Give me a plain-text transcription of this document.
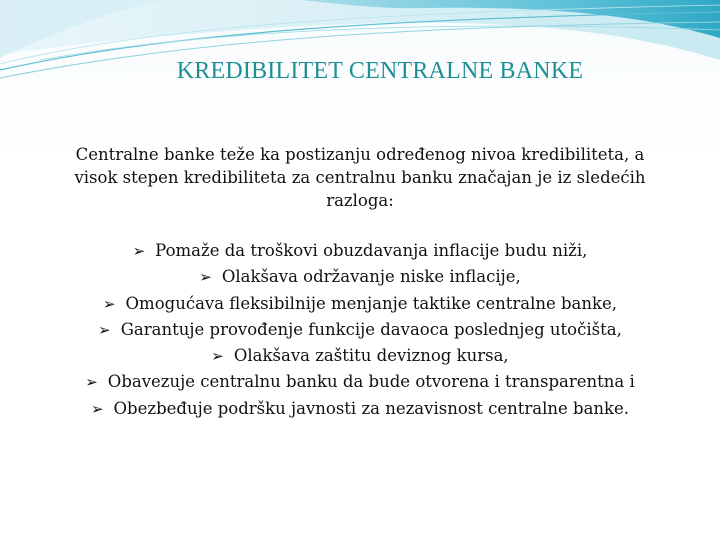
KREDIBILITET CENTRALNE BANKE

Centralne banke teže ka postizanju određenog nivoa kredibiliteta, a visok stepen kredibiliteta za centralnu banku značajan je iz sledećih razloga:

➢ Pomaže da troškovi obuzdavanja inflacije budu niži,
➢ Olakšava održavanje niske inflacije,
➢ Omogućava fleksibilnije menjanje taktike centralne banke,
➢ Garantuje provođenje funkcije davaoca poslednjeg utočišta,
➢ Olakšava zaštitu deviznog kursa,
➢ Obavezuje centralnu banku da bude otvorena i transparentna i
➢ Obezbeđuje podršku javnosti za nezavisnost centralne banke.
